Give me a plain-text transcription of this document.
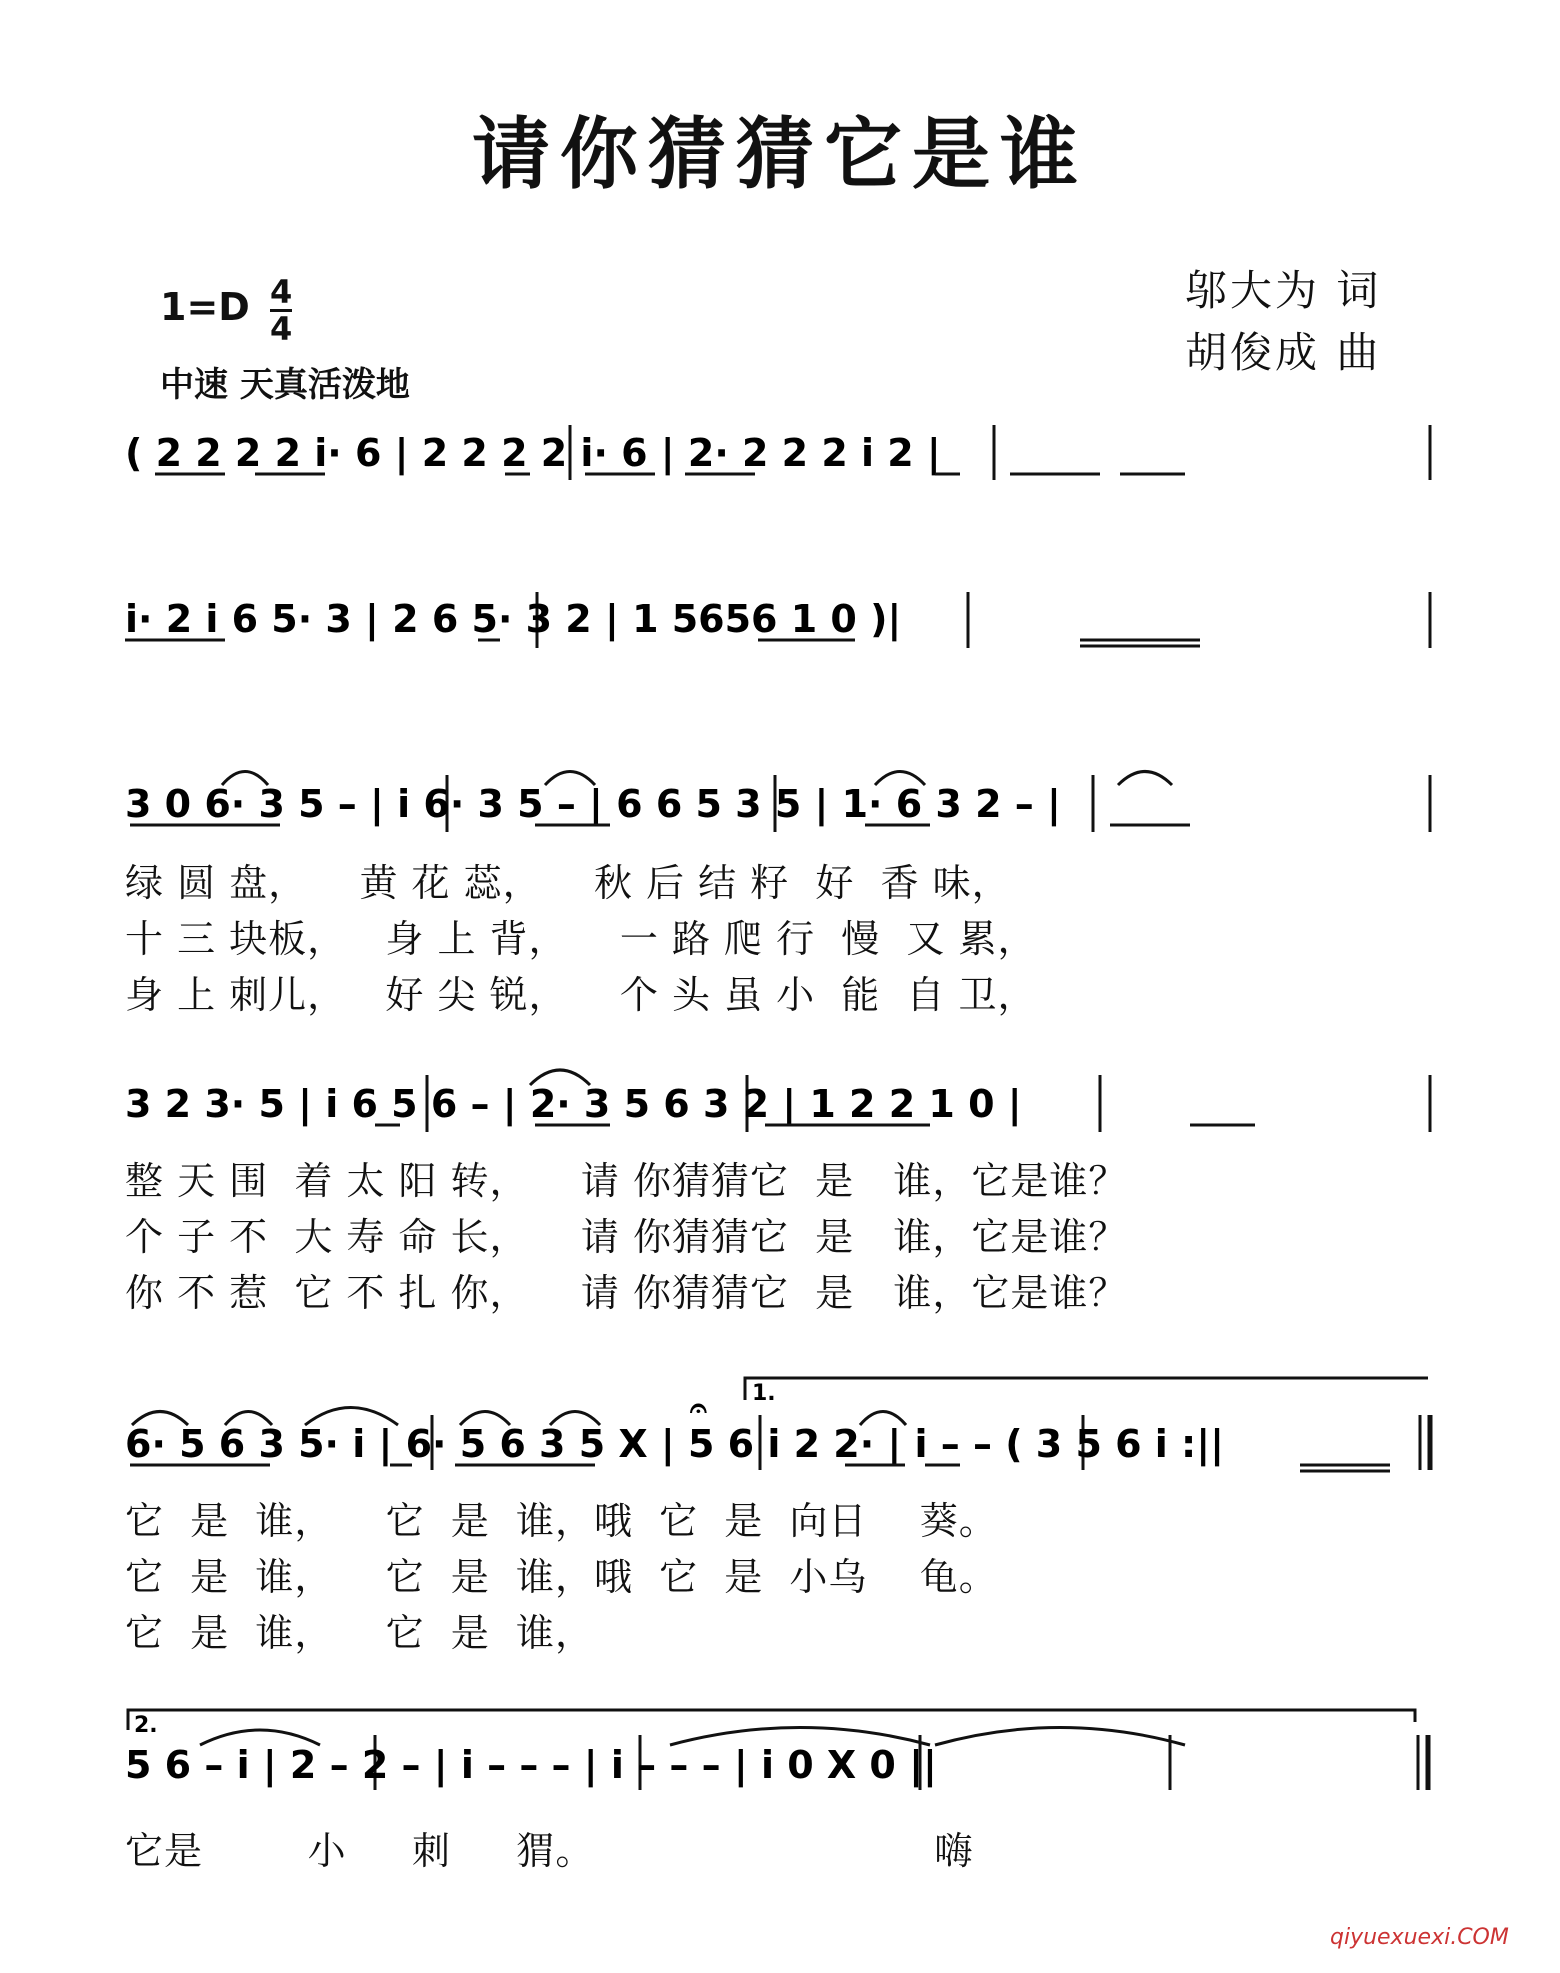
请你猜猜它是谁
邬大为 词
胡俊成 曲
1=D 4
4
中速 天真活泼地
1.
2.
( 2 2 2 2 i· 6 | 2 2 2 2 i· 6 | 2· 2 2 2 i 2 |
i· 2 i 6 5· 3 | 2 6 5· 3 2 | 1 5656 1 0 )|
3 0 6· 3 5 – | i 6· 3 5 – | 6 6 5 3 5 | 1· 6 3 2 – |
3 2 3· 5 | i 6 5 6 – | 2· 3 5 6 3 2 | 1 2 2 1 0 |
6· 5 6 3 5· i | 6· 5 6 3 5 X | 5 6 i 2 2· | i – – ( 3 5 6 i :||
5 6 – i | 2 – 2 – | i – – – | i – – – | i 0 X 0 ||
𝄐
绿 圆 盘，    黄 花 蕊，    秋 后 结 籽  好  香 味，
十 三 块板，   身 上 背，    一 路 爬 行  慢  又 累，
身 上 刺儿，   好 尖 锐，    个 头 虽 小  能  自 卫，
整 天 围  着 太 阳 转，    请 你猜猜它  是   谁，它是谁？
个 子 不  大 寿 命 长，    请 你猜猜它  是   谁，它是谁？
你 不 惹  它 不 扎 你，    请 你猜猜它  是   谁，它是谁？
它  是  谁，    它  是  谁，哦  它  是  向日    葵。
它  是  谁，    它  是  谁，哦  它  是  小乌    龟。
它  是  谁，    它  是  谁，
它是        小     刺     猬。                          嗨
qiyuexuexi.COM
